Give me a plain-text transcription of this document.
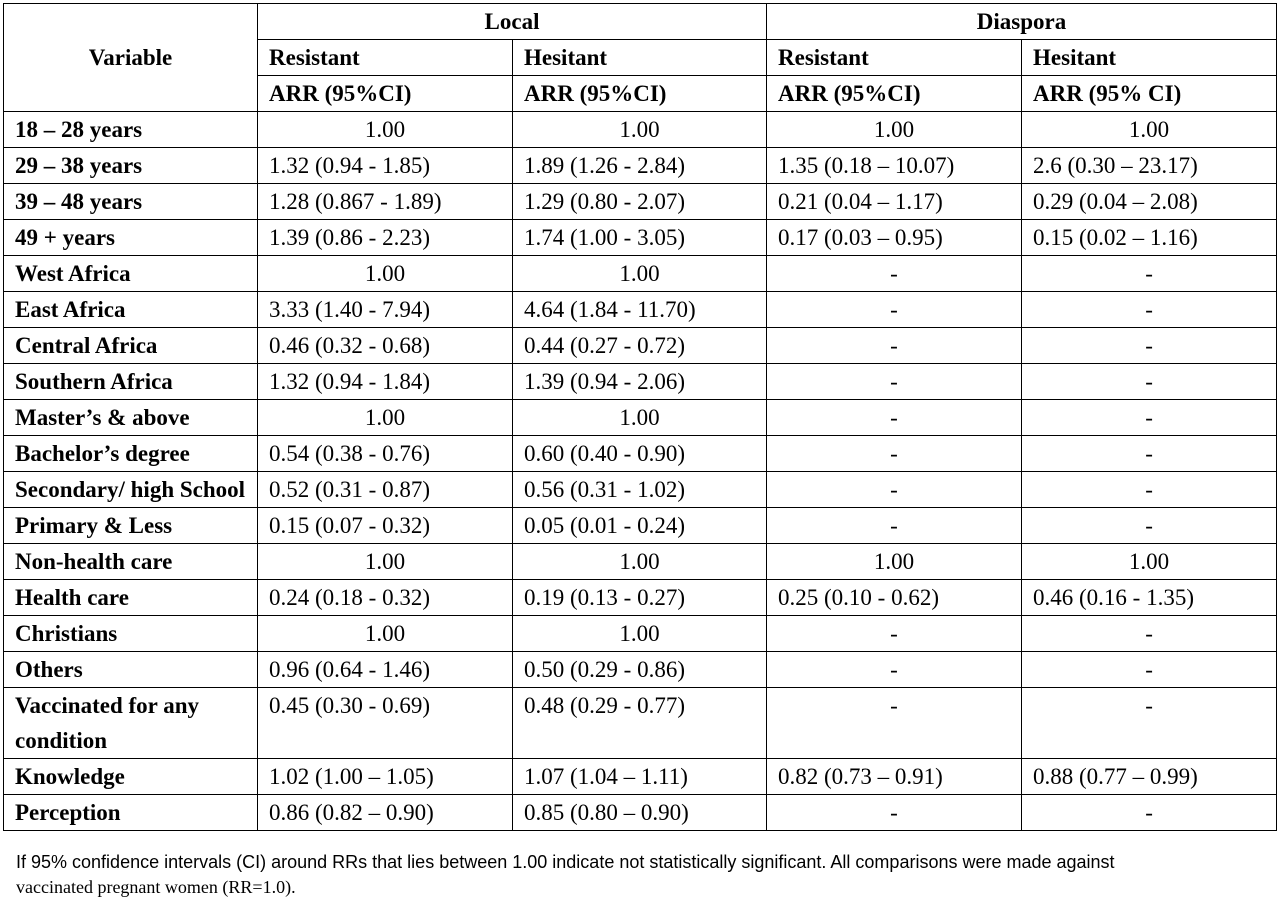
Variable	Local		Diaspora	
	Resistant	Hesitant	Resistant	Hesitant
	ARR (95%CI)	ARR (95%CI)	ARR (95%CI)	ARR (95% CI)
18 – 28 years	1.00	1.00	1.00	1.00
29 – 38 years	1.32 (0.94 - 1.85)	1.89 (1.26 - 2.84)	1.35 (0.18 – 10.07)	2.6 (0.30 – 23.17)
39 – 48 years	1.28 (0.867 - 1.89)	1.29 (0.80 - 2.07)	0.21 (0.04 – 1.17)	0.29 (0.04 – 2.08)
49 + years	1.39 (0.86 - 2.23)	1.74 (1.00 - 3.05)	0.17 (0.03 – 0.95)	0.15 (0.02 – 1.16)
West Africa	1.00	1.00	-	-
East Africa	3.33 (1.40 - 7.94)	4.64 (1.84 - 11.70)	-	-
Central Africa	0.46 (0.32 - 0.68)	0.44 (0.27 - 0.72)	-	-
Southern Africa	1.32 (0.94 - 1.84)	1.39 (0.94 - 2.06)	-	-
Master’s & above	1.00	1.00	-	-
Bachelor’s degree	0.54 (0.38 - 0.76)	0.60 (0.40 - 0.90)	-	-
Secondary/ high School	0.52 (0.31 - 0.87)	0.56 (0.31 - 1.02)	-	-
Primary & Less	0.15 (0.07 - 0.32)	0.05 (0.01 - 0.24)	-	-
Non-health care	1.00	1.00	1.00	1.00
Health care	0.24 (0.18 - 0.32)	0.19 (0.13 - 0.27)	0.25 (0.10 - 0.62)	0.46 (0.16 - 1.35)
Christians	1.00	1.00	-	-
Others	0.96 (0.64 - 1.46)	0.50 (0.29 - 0.86)	-	-
Vaccinated for any condition	0.45 (0.30 - 0.69)	0.48 (0.29 - 0.77)	-	-
Knowledge	1.02 (1.00 – 1.05)	1.07 (1.04 – 1.11)	0.82 (0.73 – 0.91)	0.88 (0.77 – 0.99)
Perception	0.86 (0.82 – 0.90)	0.85 (0.80 – 0.90)	-	-
If 95% confidence intervals (CI) around RRs that lies between 1.00 indicate not statistically significant. All comparisons were made against
vaccinated pregnant women (RR=1.0).
